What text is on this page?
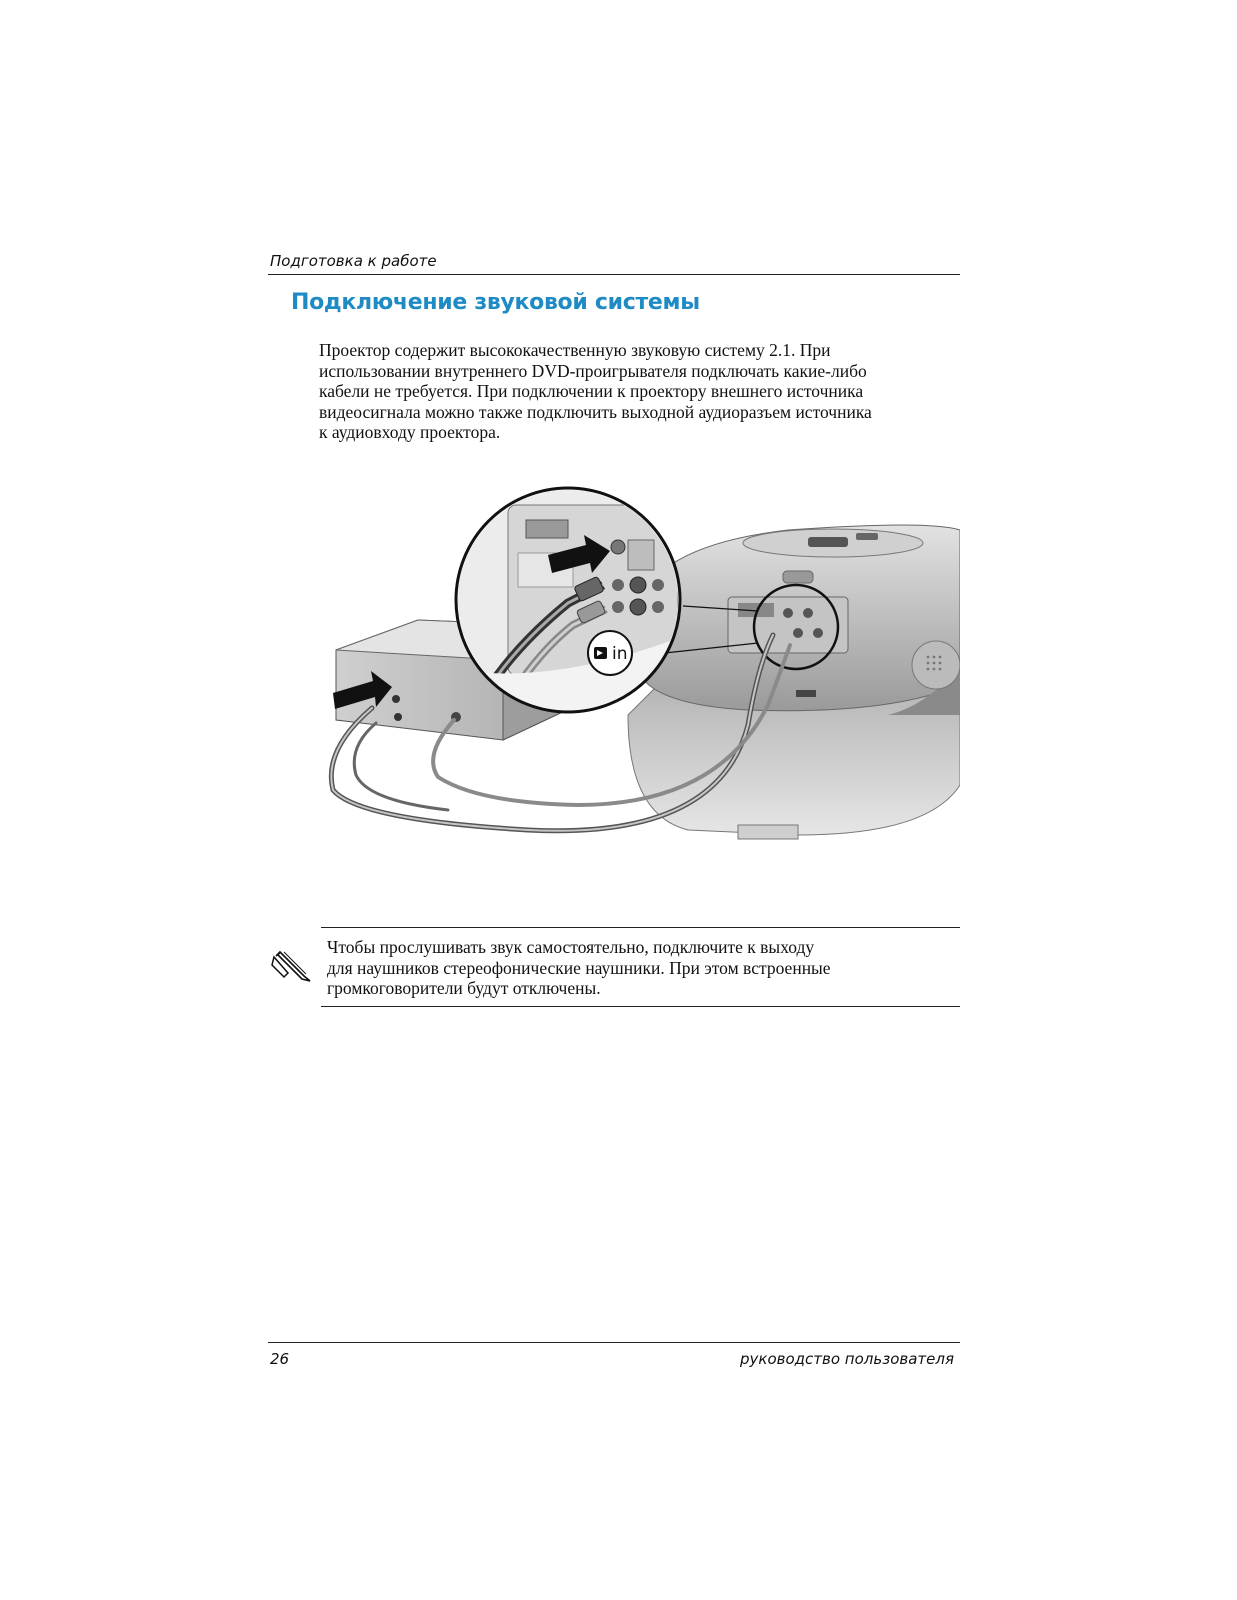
Подготовка к работе
Подключение звуковой системы
Проектор содержит высококачественную звуковую систему 2.1. При
использовании внутреннего DVD-проигрывателя подключать какие-либо
кабели не требуется. При подключении к проектору внешнего источника
видеосигнала можно также подключить выходной аудиоразъем источника
к аудиовходу проектора.
in
Чтобы прослушивать звук самостоятельно, подключите к выходу
для наушников стереофонические наушники. При этом встроенные
громкоговорители будут отключены.
26	руководство пользователя
